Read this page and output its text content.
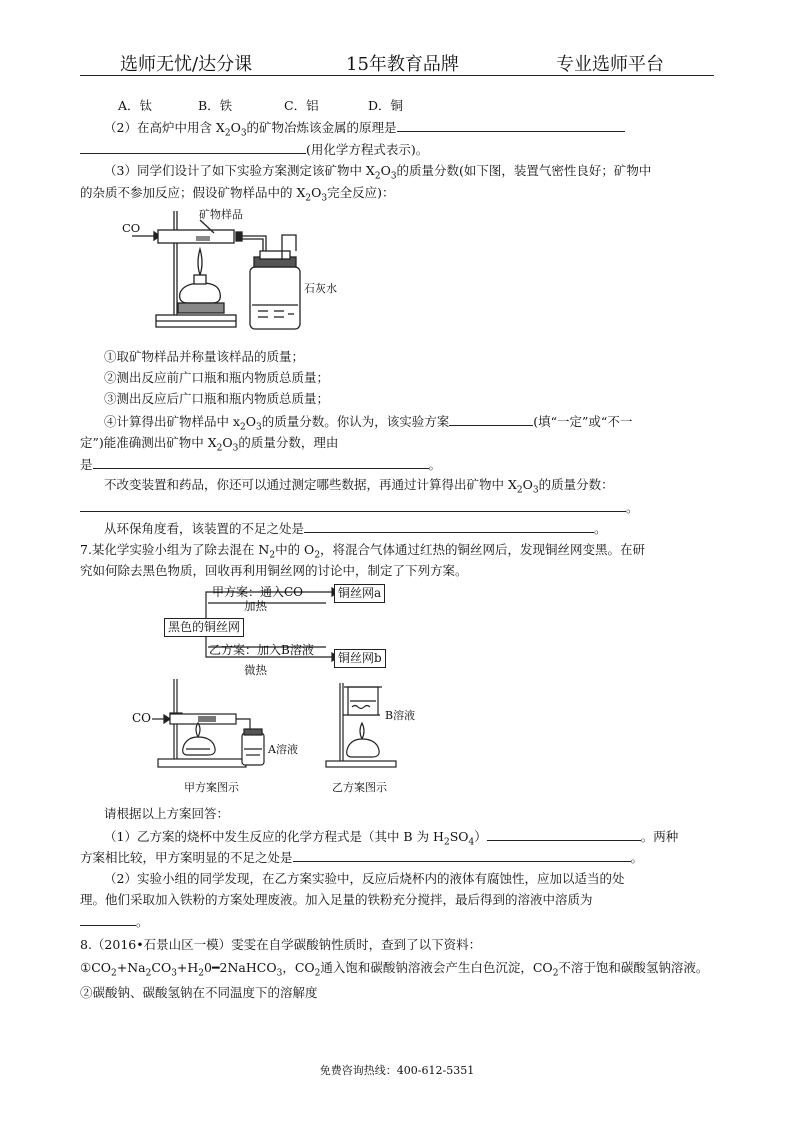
选师无忧/达分课	15年教育品牌	专业选师平台
A．钛	B．铁	C．铝	D．铜
（2）在高炉中用含 $X_2O_3$的矿物冶炼该金属的原理是
(用化学方程式表示)。
（3）同学们设计了如下实验方案测定该矿物中 $X_2O_3$的质量分数(如下图，装置气密性良好；矿物中
的杂质不参加反应；假设矿物样品中的 $X_2O_3$完全反应)：
CO
矿物样品
石灰水
①取矿物样品并称量该样品的质量；
②测出反应前广口瓶和瓶内物质总质量；
③测出反应后广口瓶和瓶内物质总质量；
④计算得出矿物样品中 $x_2O_3$的质量分数。你认为，该实验方案	(填“一定”或“不一
定”)能准确测出矿物中 $X_2O_3$的质量分数，理由
是	。
不改变装置和药品，你还可以通过测定哪些数据，再通过计算得出矿物中 $X_2O_3$的质量分数：
。
从环保角度看，该装置的不足之处是	。
7.某化学实验小组为了除去混在 $N_2$中的 $O_2$，将混合气体通过红热的铜丝网后，发现铜丝网变黑。在研
究如何除去黑色物质，回收再利用铜丝网的讨论中，制定了下列方案。
甲方案：通入CO
加热
铜丝网a
黑色的铜丝网
乙方案：加入B溶液
微热
铜丝网b
CO
A溶液
B溶液
甲方案图示	乙方案图示
请根据以上方案回答：
（1）乙方案的烧杯中发生反应的化学方程式是（其中 B 为 $H_2SO_4$）	。两种
方案相比较，甲方案明显的不足之处是	。
（2）实验小组的同学发现，在乙方案实验中，反应后烧杯内的液体有腐蚀性，应加以适当的处
理。他们采取加入铁粉的方案处理废液。加入足量的铁粉充分搅拌，最后得到的溶液中溶质为
。
8.（2016•石景山区一模）雯雯在自学碳酸钠性质时，查到了以下资料：
$①CO_2+Na_2CO_3+H_20━2NaHCO_3$，$CO_2$通入饱和碳酸钠溶液会产生白色沉淀，$CO_2$不溶于饱和碳酸氢钠溶液。
②碳酸钠、碳酸氢钠在不同温度下的溶解度
免费咨询热线：400-612-5351
